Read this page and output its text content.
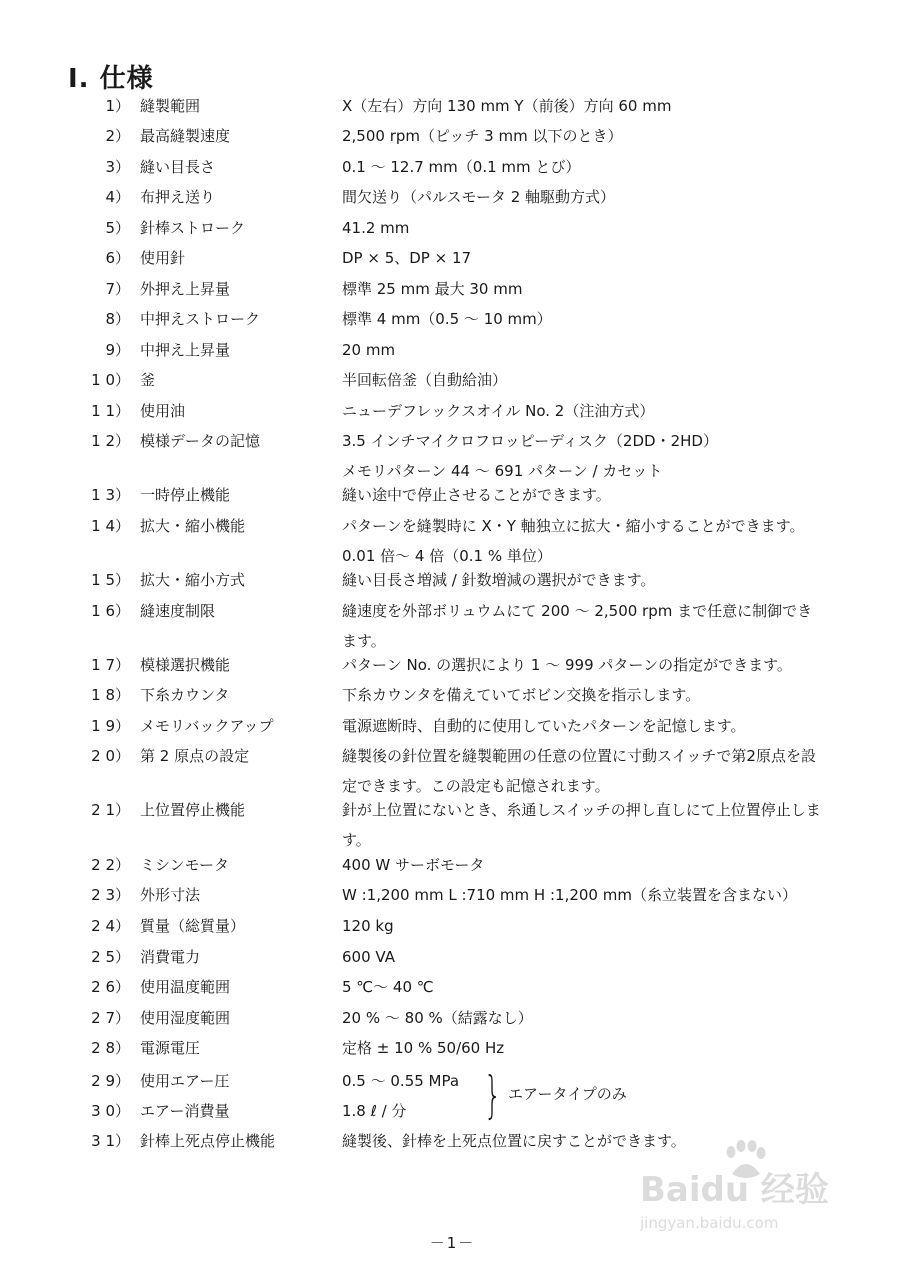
Ⅰ. 仕様
1） 縫製範囲	X（左右）方向 130 mm Y（前後）方向 60 mm
2） 最高縫製速度	2,500 rpm（ピッチ 3 mm 以下のとき）
3） 縫い目長さ	0.1 ～ 12.7 mm（0.1 mm とび）
4） 布押え送り	間欠送り（パルスモータ 2 軸駆動方式）
5） 針棒ストローク	41.2 mm
6） 使用針	DP × 5、DP × 17
7） 外押え上昇量	標準 25 mm 最大 30 mm
8） 中押えストローク	標準 4 mm（0.5 ～ 10 mm）
9） 中押え上昇量	20 mm
1 0） 釜	半回転倍釜（自動給油）
1 1） 使用油	ニューデフレックスオイル No. 2（注油方式）
1 2） 模様データの記憶	3.5 インチマイクロフロッピーディスク（2DD・2HD）
メモリパターン 44 ～ 691 パターン / カセット
1 3） 一時停止機能	縫い途中で停止させることができます。
1 4） 拡大・縮小機能	パターンを縫製時に X・Y 軸独立に拡大・縮小することができます。
0.01 倍～ 4 倍（0.1 % 単位）
1 5） 拡大・縮小方式	縫い目長さ増減 / 針数増減の選択ができます。
1 6） 縫速度制限	縫速度を外部ボリュウムにて 200 ～ 2,500 rpm まで任意に制御でき
ます。
1 7） 模様選択機能	パターン No. の選択により 1 ～ 999 パターンの指定ができます。
1 8） 下糸カウンタ	下糸カウンタを備えていてボビン交換を指示します。
1 9） メモリバックアップ	電源遮断時、自動的に使用していたパターンを記憶します。
2 0） 第 2 原点の設定	縫製後の針位置を縫製範囲の任意の位置に寸動スイッチで第2原点を設
定できます。この設定も記憶されます。
2 1） 上位置停止機能	針が上位置にないとき、糸通しスイッチの押し直しにて上位置停止しま
す。
2 2） ミシンモータ	400 W サーボモータ
2 3） 外形寸法	W :1,200 mm L :710 mm H :1,200 mm（糸立装置を含まない）
2 4） 質量（総質量）	120 kg
2 5） 消費電力	600 VA
2 6） 使用温度範囲	5 ℃～ 40 ℃
2 7） 使用湿度範囲	20 % ～ 80 %（結露なし）
2 8） 電源電圧	定格 ± 10 % 50/60 Hz
2 9） 使用エアー圧	0.5 ～ 0.55 MPa
3 0） エアー消費量	1.8 ℓ / 分
3 1） 針棒上死点停止機能	縫製後、針棒を上死点位置に戻すことができます。
} エアータイプのみ
Baidu 经验
jingyan.baidu.com
－1－
